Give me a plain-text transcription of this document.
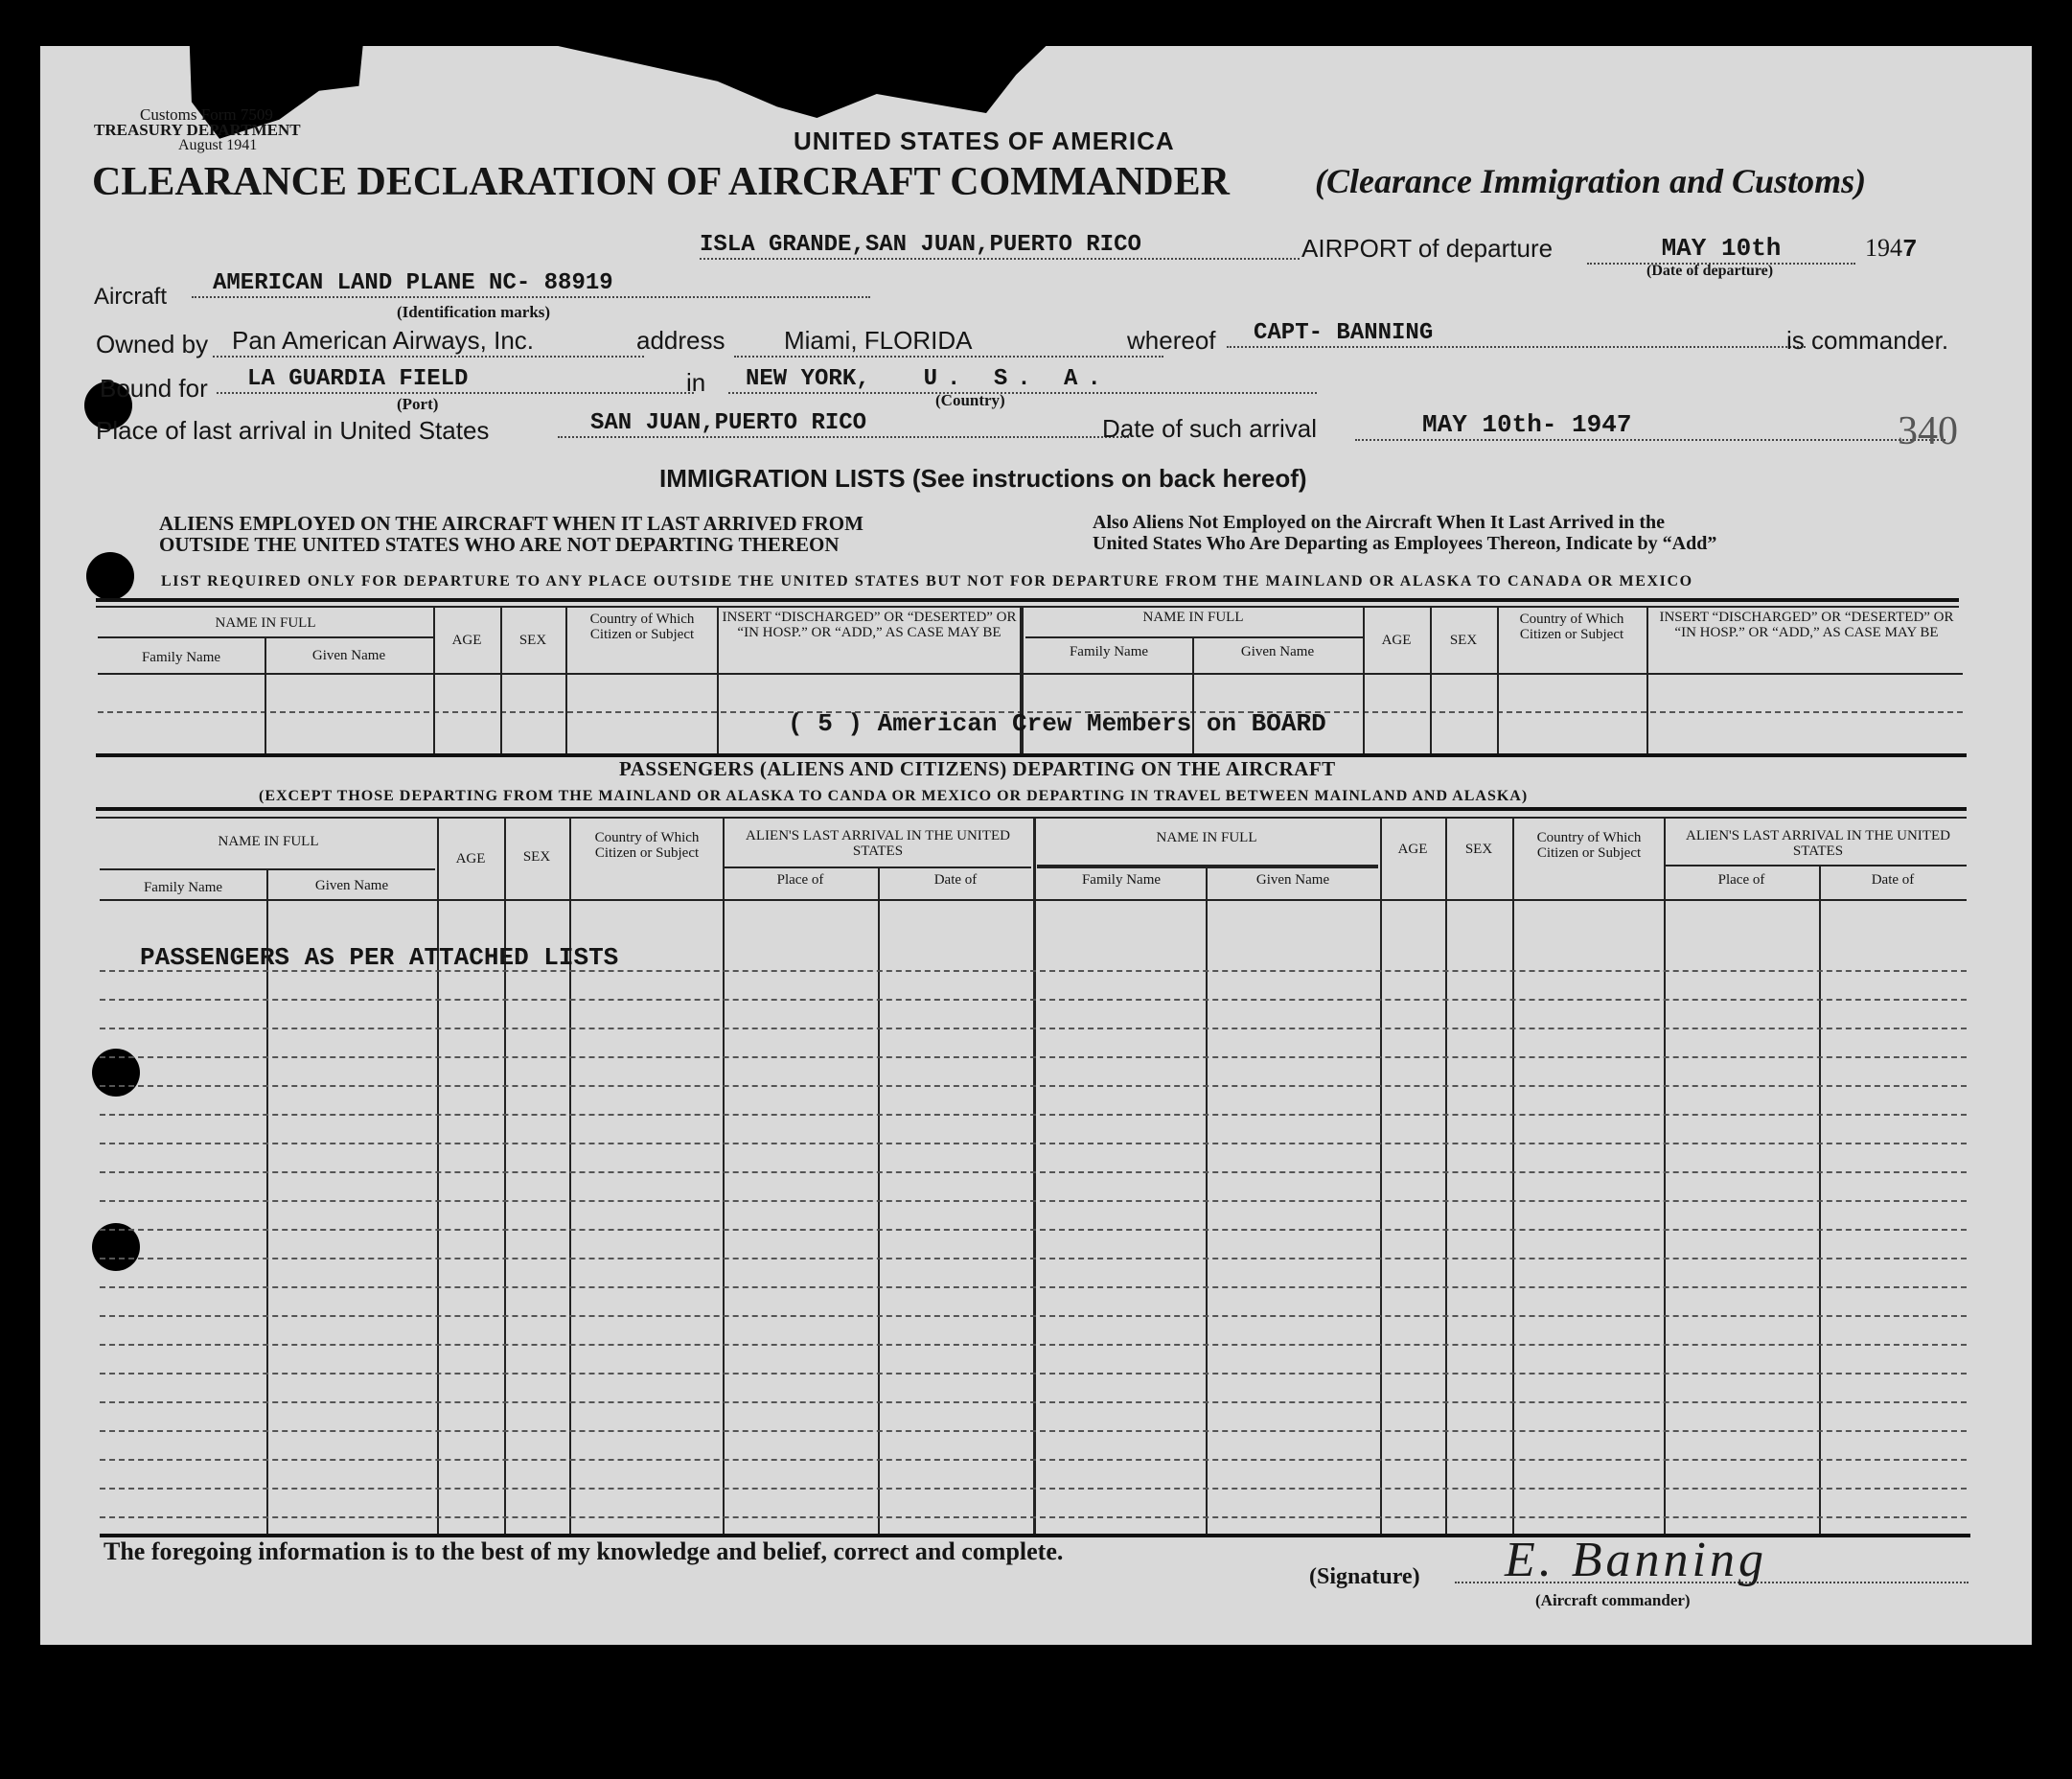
Customs Form 7509
TREASURY DEPARTMENT
August 1941	UNITED STATES OF AMERICA
CLEARANCE DECLARATION OF AIRCRAFT COMMANDER (Clearance Immigration and Customs)
ISLA GRANDE,SAN JUAN,PUERTO RICO	AIRPORT of departure	MAY 10th	1947
(Date of departure)
Aircraft
AMERICAN LAND PLANE NC- 88919
(Identification marks)
Owned by Pan American Airways, Inc.	address	Miami, FLORIDA	whereof	CAPT- BANNING	is commander.
Bound for	LA GUARDIA FIELD	in	NEW YORK, U. S. A.
(Port)	(Country)
Place of last arrival in United States	SAN JUAN,PUERTO RICO	Date of such arrival	MAY 10th- 1947	340
IMMIGRATION LISTS (See instructions on back hereof)
ALIENS EMPLOYED ON THE AIRCRAFT WHEN IT LAST ARRIVED FROM
OUTSIDE THE UNITED STATES WHO ARE NOT DEPARTING THEREON
Also Aliens Not Employed on the Aircraft When It Last Arrived in the
United States Who Are Departing as Employees Thereon, Indicate by “Add”
LIST REQUIRED ONLY FOR DEPARTURE TO ANY PLACE OUTSIDE THE UNITED STATES BUT NOT FOR DEPARTURE FROM THE MAINLAND OR ALASKA TO CANADA OR MEXICO
NAME IN FULL
Family Name	Given Name
AGE	SEX
Country of Which Citizen or Subject
INSERT “DISCHARGED” OR “DESERTED” OR “IN HOSP.” OR “ADD,” AS CASE MAY BE
NAME IN FULL
Family Name	Given Name
AGE	SEX
Country of Which Citizen or Subject
INSERT “DISCHARGED” OR “DESERTED” OR “IN HOSP.” OR “ADD,” AS CASE MAY BE
( 5 ) American Crew Members on BOARD
PASSENGERS (ALIENS AND CITIZENS) DEPARTING ON THE AIRCRAFT
(EXCEPT THOSE DEPARTING FROM THE MAINLAND OR ALASKA TO CANDA OR MEXICO OR DEPARTING IN TRAVEL BETWEEN MAINLAND AND ALASKA)
NAME IN FULL
Family Name	Given Name
AGE	SEX
Country of Which Citizen or Subject
ALIEN'S LAST ARRIVAL IN THE UNITED STATES
Place of	Date of
NAME IN FULL
Family Name	Given Name
AGE	SEX
Country of Which Citizen or Subject
ALIEN'S LAST ARRIVAL IN THE UNITED STATES
Place of	Date of
PASSENGERS AS PER ATTACHED LISTS
The foregoing information is to the best of my knowledge and belief, correct and complete.
(Signature) E. Banning
(Aircraft commander)
